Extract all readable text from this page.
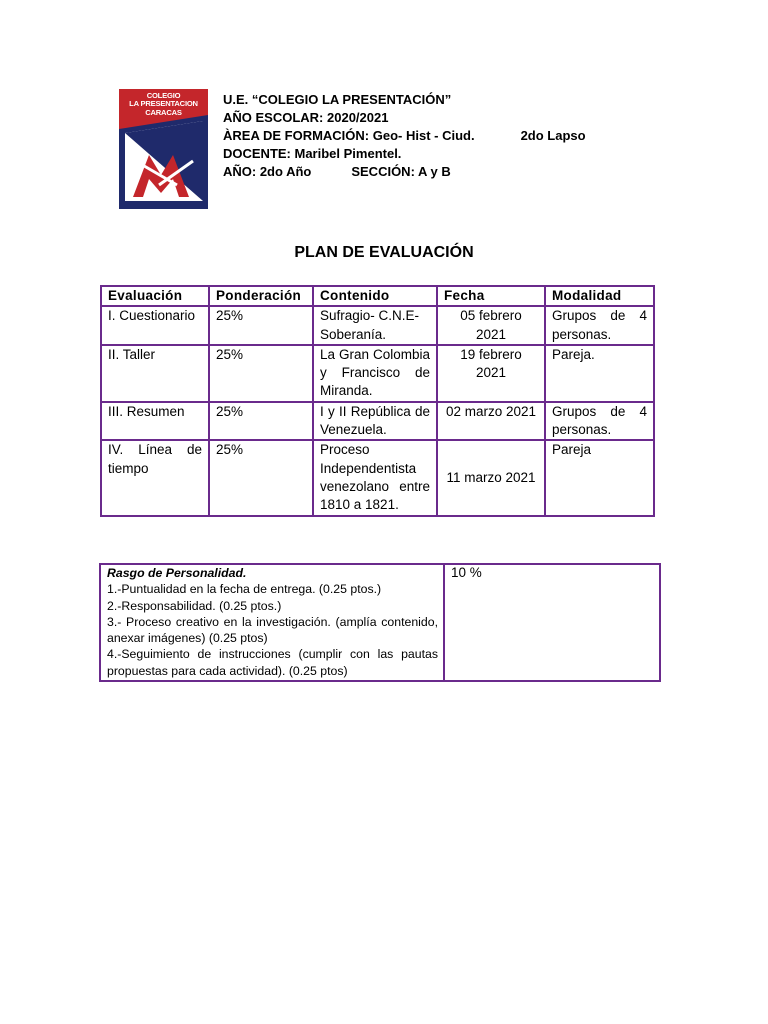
COLEGIO
LA PRESENTACION
CARACAS
U.E. “COLEGIO LA PRESENTACIÓN”
AÑO ESCOLAR: 2020/2021
ÀREA DE FORMACIÓN: Geo- Hist - Ciud.	2do Lapso
DOCENTE: Maribel Pimentel.
AÑO: 2do Año	SECCIÓN: A y B
PLAN DE EVALUACIÓN
Evaluación	Ponderación	Contenido	Fecha	Modalidad
I. Cuestionario	25%	Sufragio- C.N.E- Soberanía.	05 febrero 2021	Grupos de 4 personas.
II. Taller	25%	La Gran Colombia y Francisco de Miranda.	19 febrero 2021	Pareja.
III. Resumen	25%	I y II República de Venezuela.	02 marzo 2021	Grupos de 4 personas.
IV. Línea de tiempo	25%	Proceso Independentista venezolano entre 1810 a 1821.	11 marzo 2021	Pareja
Rasgo de Personalidad.
1.-Puntualidad en la fecha de entrega. (0.25 ptos.)
2.-Responsabilidad. (0.25 ptos.)
3.- Proceso creativo en la investigación. (amplía contenido, anexar imágenes) (0.25 ptos)
4.-Seguimiento de instrucciones (cumplir con las pautas propuestas para cada actividad). (0.25 ptos)
	10 %
